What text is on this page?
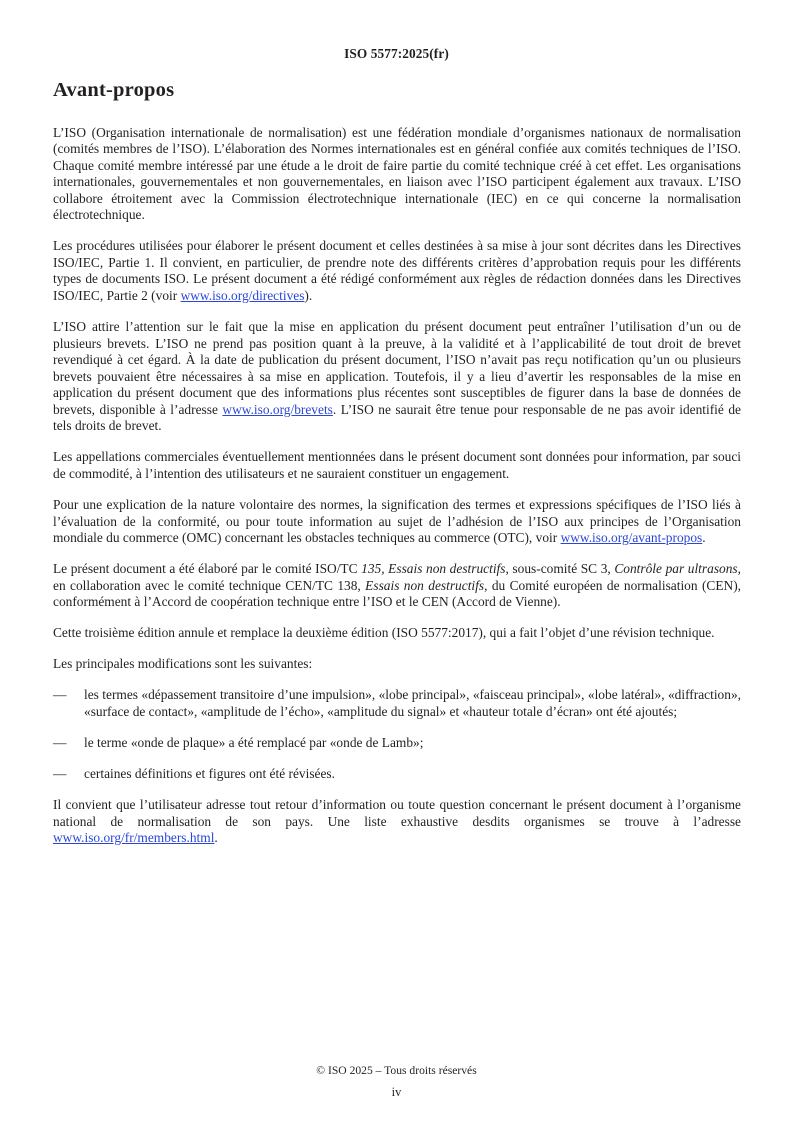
ISO 5577:2025(fr)
Avant-propos

L’ISO (Organisation internationale de normalisation) est une fédération mondiale d’organismes nationaux de normalisation (comités membres de l’ISO). L’élaboration des Normes internationales est en général confiée aux comités techniques de l’ISO. Chaque comité membre intéressé par une étude a le droit de faire partie du comité technique créé à cet effet. Les organisations internationales, gouvernementales et non gouvernementales, en liaison avec l’ISO participent également aux travaux. L’ISO collabore étroitement avec la Commission électrotechnique internationale (IEC) en ce qui concerne la normalisation électrotechnique.

Les procédures utilisées pour élaborer le présent document et celles destinées à sa mise à jour sont décrites dans les Directives ISO/IEC, Partie 1. Il convient, en particulier, de prendre note des différents critères d’approbation requis pour les différents types de documents ISO. Le présent document a été rédigé conformément aux règles de rédaction données dans les Directives ISO/IEC, Partie 2 (voir www.iso.org/directives).

L’ISO attire l’attention sur le fait que la mise en application du présent document peut entraîner l’utilisation d’un ou de plusieurs brevets. L’ISO ne prend pas position quant à la preuve, à la validité et à l’applicabilité de tout droit de brevet revendiqué à cet égard. À la date de publication du présent document, l’ISO n’avait pas reçu notification qu’un ou plusieurs brevets pouvaient être nécessaires à sa mise en application. Toutefois, il y a lieu d’avertir les responsables de la mise en application du présent document que des informations plus récentes sont susceptibles de figurer dans la base de données de brevets, disponible à l’adresse www.iso.org/brevets. L’ISO ne saurait être tenue pour responsable de ne pas avoir identifié de tels droits de brevet.

Les appellations commerciales éventuellement mentionnées dans le présent document sont données pour information, par souci de commodité, à l’intention des utilisateurs et ne sauraient constituer un engagement.

Pour une explication de la nature volontaire des normes, la signification des termes et expressions spécifiques de l’ISO liés à l’évaluation de la conformité, ou pour toute information au sujet de l’adhésion de l’ISO aux principes de l’Organisation mondiale du commerce (OMC) concernant les obstacles techniques au commerce (OTC), voir www.iso.org/avant-propos.

Le présent document a été élaboré par le comité ISO/TC 135, Essais non destructifs, sous-comité SC 3, Contrôle par ultrasons, en collaboration avec le comité technique CEN/TC 138, Essais non destructifs, du Comité européen de normalisation (CEN), conformément à l’Accord de coopération technique entre l’ISO et le CEN (Accord de Vienne).

Cette troisième édition annule et remplace la deuxième édition (ISO 5577:2017), qui a fait l’objet d’une révision technique.

Les principales modifications sont les suivantes:

—	les termes «dépassement transitoire d’une impulsion», «lobe principal», «faisceau principal», «lobe latéral», «diffraction», «surface de contact», «amplitude de l’écho», «amplitude du signal» et «hauteur totale d’écran» ont été ajoutés;
—	le terme «onde de plaque» a été remplacé par «onde de Lamb»;
—	certaines définitions et figures ont été révisées.

Il convient que l’utilisateur adresse tout retour d’information ou toute question concernant le présent document à l’organisme national de normalisation de son pays. Une liste exhaustive desdits organismes se trouve à l’adresse www.iso.org/fr/members.html.

© ISO 2025 – Tous droits réservés
iv
